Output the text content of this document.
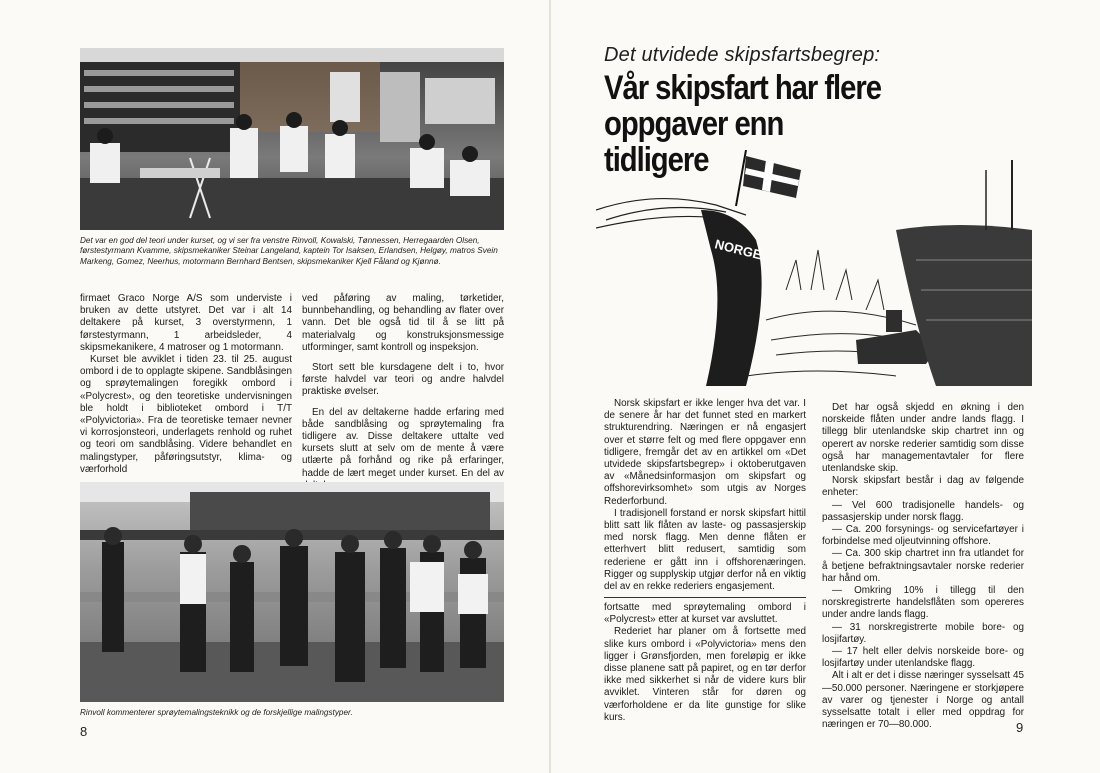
Det var en god del teori under kurset, og vi ser fra venstre Rinvoll, Kowalski, Tønnessen, Herregaarden Olsen, førstestyrmann Kvamme, skipsmekaniker Steinar Langeland, kaptein Tor Isaksen, Erlandsen, Helgøy, matros Svein Markeng, Gomez, Neerhus, motormann Bernhard Bentsen, skipsmekaniker Kjell Fåland og Kjønnø.

firmaet Graco Norge A/S som underviste i bruken av dette utstyret. Det var i alt 14 deltakere på kurset, 3 overstyrmenn, 1 førstestyrmann, 1 arbeidsleder, 4 skipsmekanikere, 4 matroser og 1 motormann.

Kurset ble avviklet i tiden 23. til 25. august ombord i de to opplagte skipene. Sandblåsingen og sprøytemalingen foregikk ombord i «Polycrest», og den teoretiske undervisningen ble holdt i biblioteket ombord i T/T «Polyvictoria». Fra de teoretiske temaer nevner vi korrosjonsteori, underlagets renhold og ruhet og teori om sandblåsing. Videre behandlet en malingstyper, påføringsutstyr, klima- og værforhold

ved påføring av maling, tørketider, bunnbehandling, og behandling av flater over vann. Det ble også tid til å se litt på materialvalg og konstruksjonsmessige utforminger, samt kontroll og inspeksjon.

Stort sett ble kursdagene delt i to, hvor første halvdel var teori og andre halvdel praktiske øvelser.

En del av deltakerne hadde erfaring med både sandblåsing og sprøytemaling fra tidligere av. Disse deltakere uttalte ved kursets slutt at selv om de mente å være utlærte på forhånd og rike på erfaringer, hadde de lært meget under kurset. En del av

Rinvoll kommenterer sprøytemalingsteknikk og de forskjellige malingstyper.
8
Det utvidede skipsfartsbegrep:
Vår skipsfart har flere oppgaver enn tidligere
NORGE

Norsk skipsfart er ikke lenger hva det var. I de senere år har det funnet sted en markert strukturendring. Næringen er nå engasjert over et større felt og med flere oppgaver enn tidligere, fremgår det av en artikkel om «Det utvidede skipsfartsbegrep» i oktoberutgaven av «Månedsinformasjon om skipsfart og offshorevirksomhet» som utgis av Norges Rederforbund.

I tradisjonell forstand er norsk skipsfart hittil blitt satt lik flåten av laste- og passasjerskip med norsk flagg. Men denne flåten er etterhvert blitt redusert, samtidig som rederiene er gått inn i offshorenæringen. Rigger og supplyskip utgjør derfor nå en viktig del av en rekke rederiers engasjement.

fortsatte med sprøytemaling ombord i «Polycrest» etter at kurset var avsluttet.

Rederiet har planer om å fortsette med slike kurs ombord i «Polyvictoria» mens den ligger i Grønsfjorden, men foreløpig er ikke disse planene satt på papiret, og en tør derfor ikke med sikkerhet si når de videre kurs blir avviklet. Vinteren står for døren og værforholdene er da lite gunstige for slike kurs.

Det har også skjedd en økning i den norskeide flåten under andre lands flagg. I tillegg blir utenlandske skip chartret inn og operert av norske rederier samtidig som disse også har managementavtaler for flere utenlandske skip.

Norsk skipsfart består i dag av følgende enheter:

— Vel 600 tradisjonelle handels- og passasjerskip under norsk flagg.

— Ca. 200 forsynings- og servicefartøyer i forbindelse med oljeutvinning offshore.

— Ca. 300 skip chartret inn fra utlandet for å betjene befraktningsavtaler norske rederier har hånd om.

— Omkring 10% i tillegg til den norskregistrerte handelsflåten som opereres under andre lands flagg.

— 31 norskregistrerte mobile bore- og losjifartøy.

— 17 helt eller delvis norskeide bore- og losjifartøy under utenlandske flagg.

Alt i alt er det i disse næringer sysselsatt 45—50.000 personer. Næringene er storkjøpere av varer og tjenester i Norge og antall sysselsatte totalt i eller med oppdrag for næringen er 70—80.000.	9
